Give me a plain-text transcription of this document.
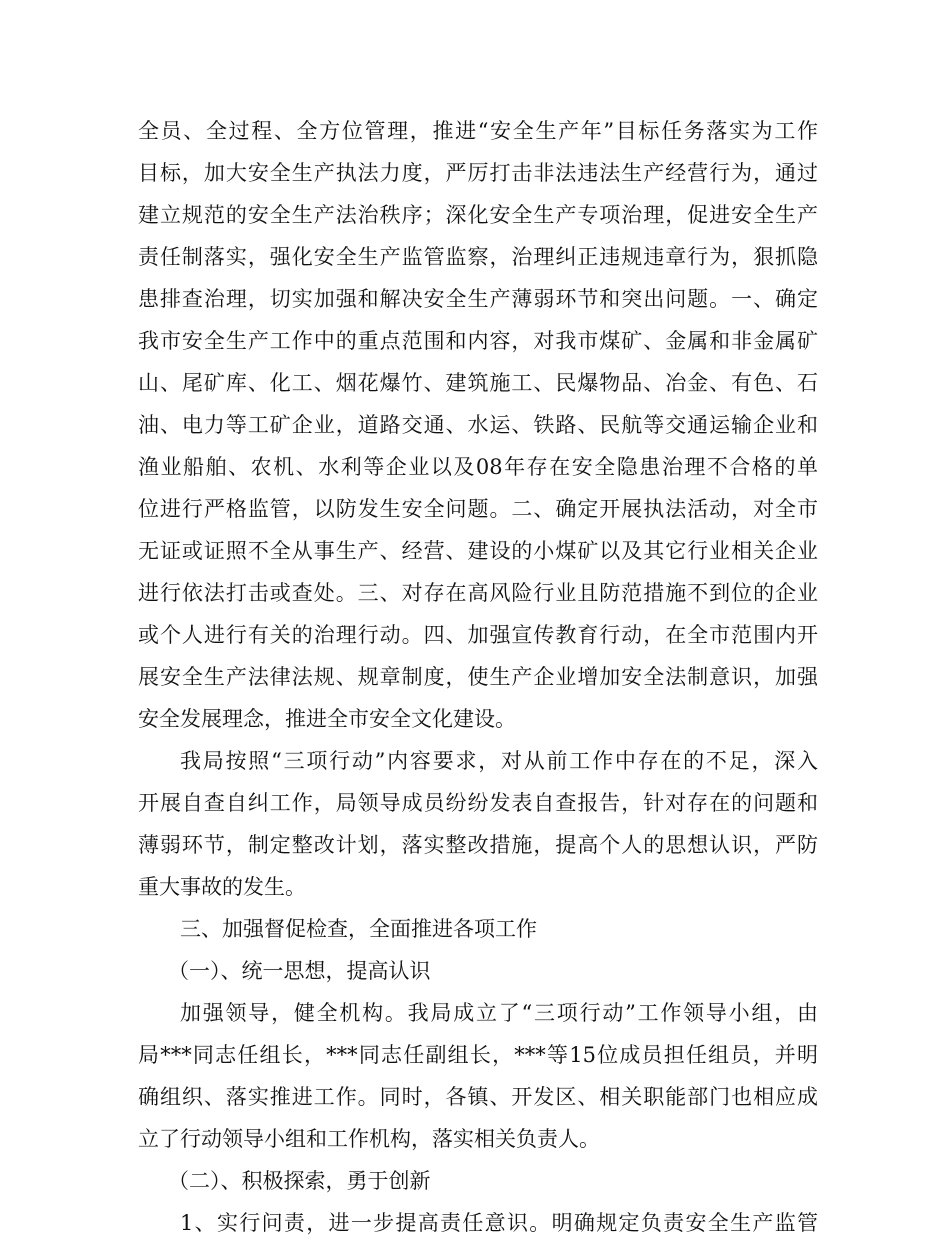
全员、全过程、全方位管理，推进“安全生产年”目标任务落实为工作
目标，加大安全生产执法力度，严厉打击非法违法生产经营行为，通过
建立规范的安全生产法治秩序；深化安全生产专项治理，促进安全生产
责任制落实，强化安全生产监管监察，治理纠正违规违章行为，狠抓隐
患排查治理，切实加强和解决安全生产薄弱环节和突出问题。一、确定
我市安全生产工作中的重点范围和内容，对我市煤矿、金属和非金属矿
山、尾矿库、化工、烟花爆竹、建筑施工、民爆物品、冶金、有色、石
油、电力等工矿企业，道路交通、水运、铁路、民航等交通运输企业和
渔业船舶、农机、水利等企业以及08年存在安全隐患治理不合格的单
位进行严格监管，以防发生安全问题。二、确定开展执法活动，对全市
无证或证照不全从事生产、经营、建设的小煤矿以及其它行业相关企业
进行依法打击或查处。三、对存在高风险行业且防范措施不到位的企业
或个人进行有关的治理行动。四、加强宣传教育行动，在全市范围内开
展安全生产法律法规、规章制度，使生产企业增加安全法制意识，加强
安全发展理念，推进全市安全文化建设。
我局按照“三项行动”内容要求，对从前工作中存在的不足，深入
开展自查自纠工作，局领导成员纷纷发表自查报告，针对存在的问题和
薄弱环节，制定整改计划，落实整改措施，提高个人的思想认识，严防
重大事故的发生。
三、加强督促检查，全面推进各项工作
（一）、统一思想，提高认识
加强领导，健全机构。我局成立了“三项行动”工作领导小组，由
局***同志任组长，***同志任副组长，***等15位成员担任组员，并明
确组织、落实推进工作。同时，各镇、开发区、相关职能部门也相应成
立了行动领导小组和工作机构，落实相关负责人。
（二）、积极探索，勇于创新
1、实行问责，进一步提高责任意识。明确规定负责安全生产监管
